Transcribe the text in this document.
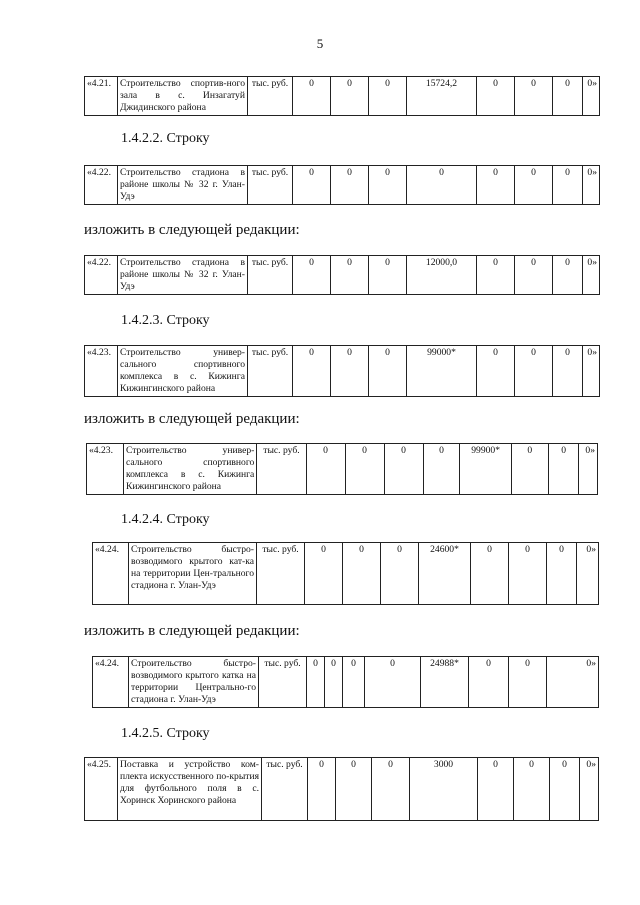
5
«4.21.	Строительство спортив-ного зала в с. Инзагатуй Джидинского района	тыс. руб.	0	0	0	15724,2	0	0	0	0»
1.4.2.2. Строку
«4.22.	Строительство стадиона в районе школы № 32 г. Улан-Удэ	тыс. руб.	0	0	0	0	0	0	0	0»
изложить в следующей редакции:
«4.22.	Строительство стадиона в районе школы № 32 г. Улан-Удэ	тыс. руб.	0	0	0	12000,0	0	0	0	0»
1.4.2.3. Строку
«4.23.	Строительство универ-сального спортивного комплекса в с. Кижинга Кижингинского района	тыс. руб.	0	0	0	99000*	0	0	0	0»
изложить в следующей редакции:
«4.23.	Строительство универ-сального спортивного комплекса в с. Кижинга Кижингинского района	тыс. руб.	0	0	0	0	99900*	0	0	0»
1.4.2.4. Строку
«4.24.	Строительство быстро-возводимого крытого кат-ка на территории Цен-трального стадиона г. Улан-Удэ	тыс. руб.	0	0	0	24600*	0	0	0	0»
изложить в следующей редакции:
«4.24.	Строительство быстро-возводимого крытого катка на территории Центрально-го стадиона г. Улан-Удэ	тыс. руб.	0	0	0	0	24988*	0	0	0»
1.4.2.5. Строку
«4.25.	Поставка и устройство ком-плекта искусственного по-крытия для футбольного поля в с. Хоринск Хоринского района	тыс. руб.	0	0	0	3000	0	0	0	0»
